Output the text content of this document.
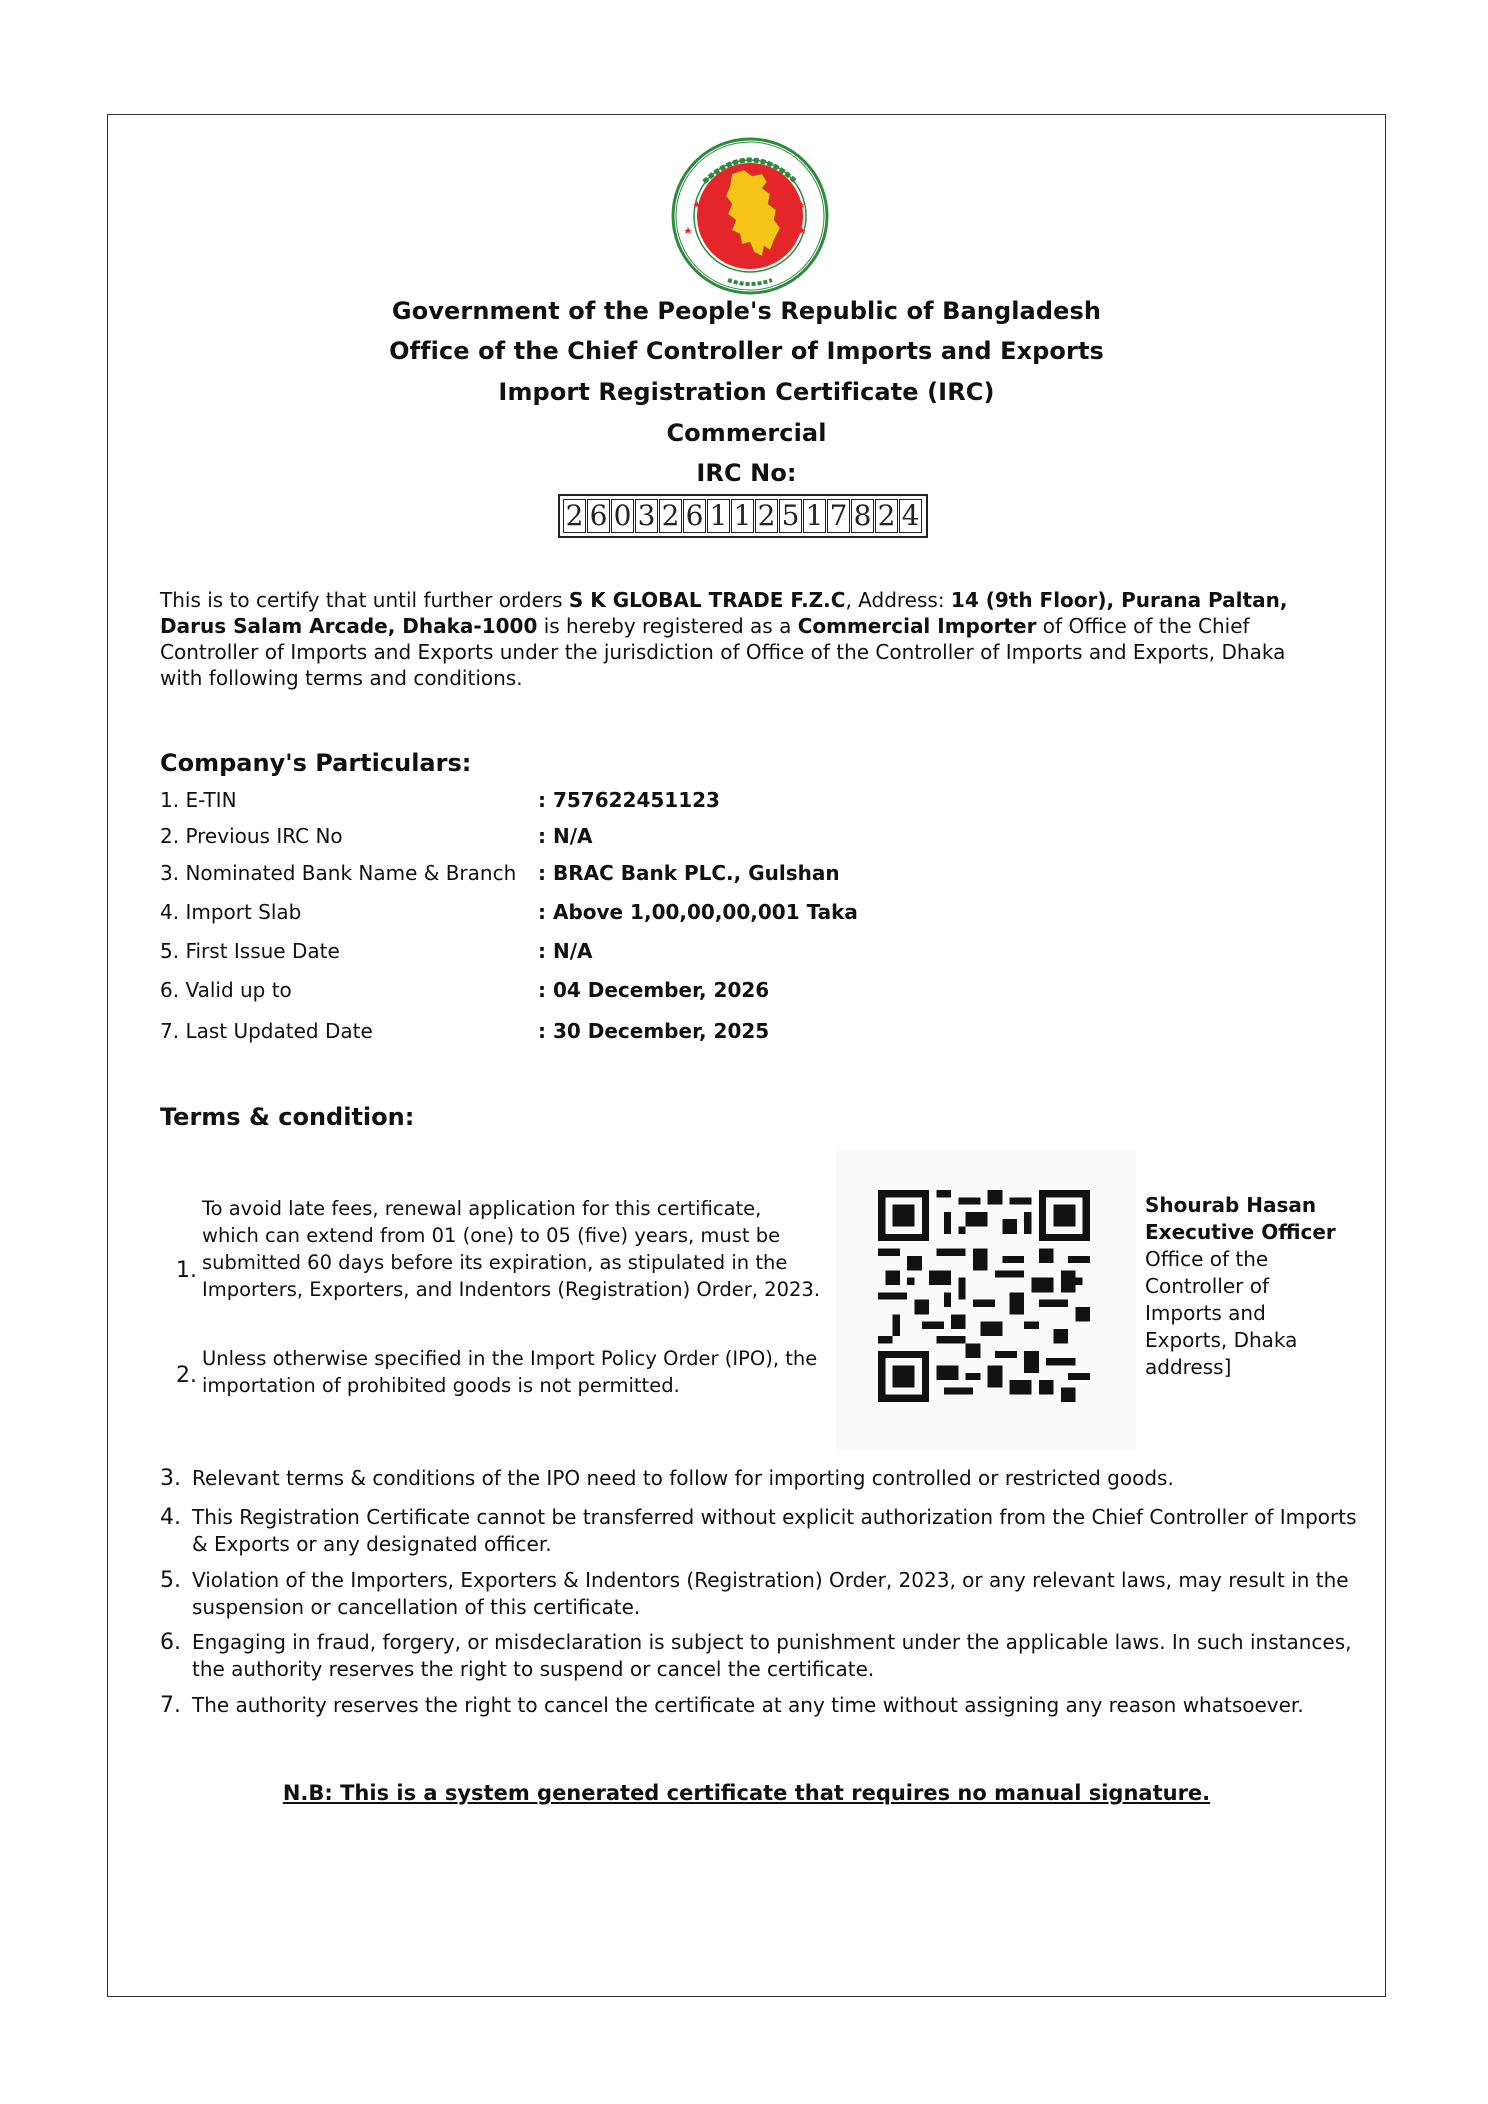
Government of the People's Republic of Bangladesh
Office of the Chief Controller of Imports and Exports
Import Registration Certificate (IRC)
Commercial
IRC No:
2 6 0 3 2 6 1 1 2 5 1 7 8 2 4
This is to certify that until further orders S K GLOBAL TRADE F.Z.C, Address: 14 (9th Floor), Purana Paltan, Darus Salam Arcade, Dhaka-1000 is hereby registered as a Commercial Importer of Office of the Chief Controller of Imports and Exports under the jurisdiction of Office of the Controller of Imports and Exports, Dhaka with following terms and conditions.
Company's Particulars:
1. E-TIN	: 757622451123
2. Previous IRC No	: N/A
3. Nominated Bank Name & Branch	: BRAC Bank PLC., Gulshan
4. Import Slab	: Above 1,00,00,00,001 Taka
5. First Issue Date	: N/A
6. Valid up to	: 04 December, 2026
7. Last Updated Date	: 30 December, 2025
Terms & condition:
1.
To avoid late fees, renewal application for this certificate, which can extend from 01 (one) to 05 (five) years, must be submitted 60 days before its expiration, as stipulated in the Importers, Exporters, and Indentors (Registration) Order, 2023.
2.
Unless otherwise specified in the Import Policy Order (IPO), the importation of prohibited goods is not permitted.
Shourab Hasan
Executive Officer
Office of the Controller of Imports and Exports, Dhaka address]
3. Relevant terms & conditions of the IPO need to follow for importing controlled or restricted goods.
4. This Registration Certificate cannot be transferred without explicit authorization from the Chief Controller of Imports & Exports or any designated officer.
5. Violation of the Importers, Exporters & Indentors (Registration) Order, 2023, or any relevant laws, may result in the suspension or cancellation of this certificate.
6. Engaging in fraud, forgery, or misdeclaration is subject to punishment under the applicable laws. In such instances, the authority reserves the right to suspend or cancel the certificate.
7. The authority reserves the right to cancel the certificate at any time without assigning any reason whatsoever.
N.B: This is a system generated certificate that requires no manual signature.
